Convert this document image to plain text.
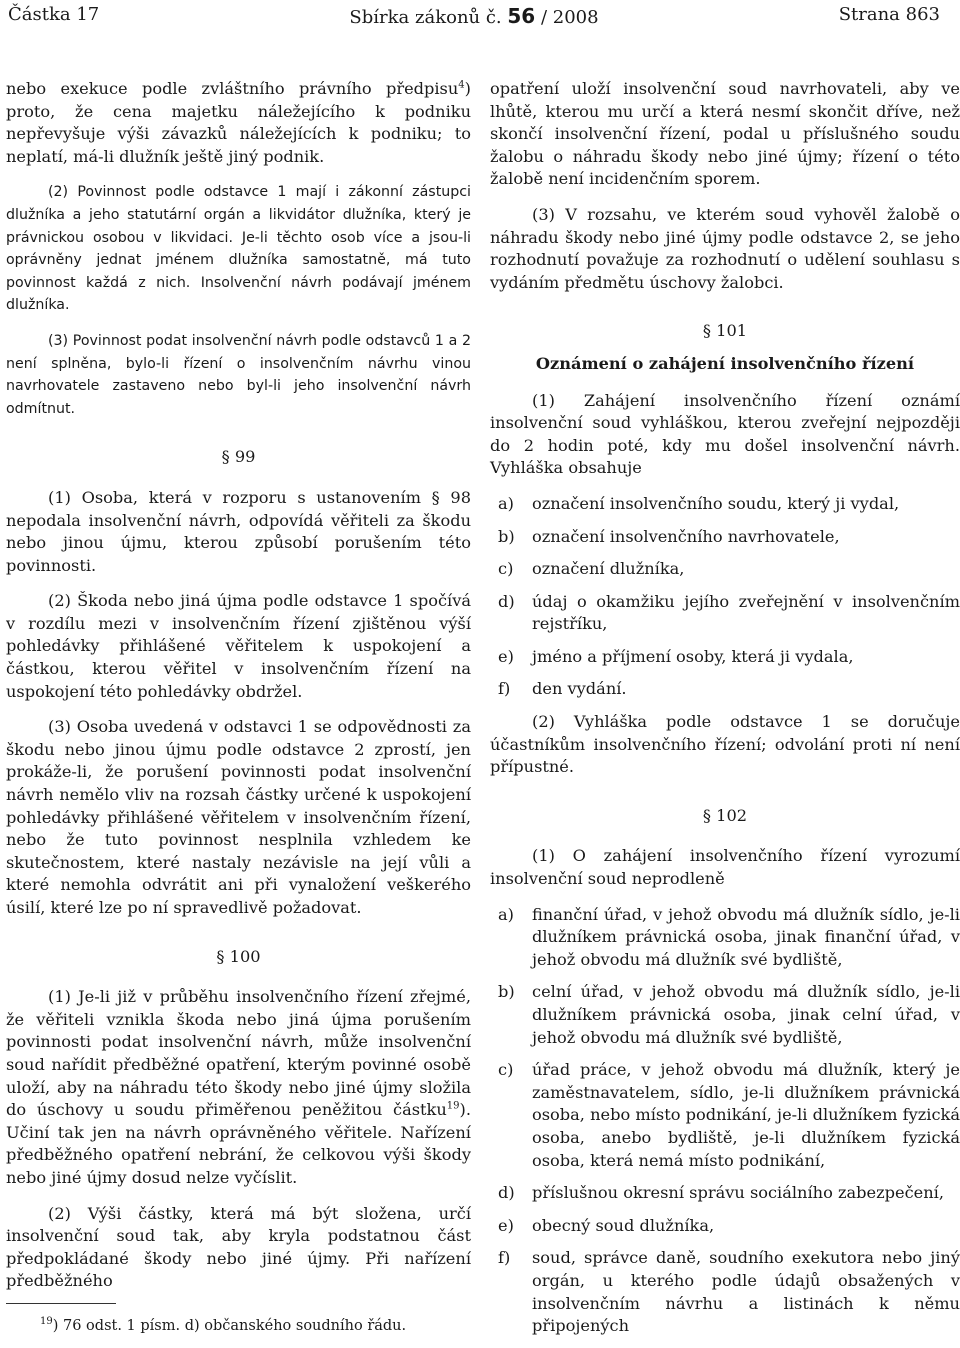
Částka 17	Sbírka zákonů č. 56 / 2008	Strana 863

nebo exekuce podle zvláštního právního předpisu$^4$) proto, že cena majetku náležejícího k podniku nepřevyšuje výši závazků náležejících k podniku; to neplatí, má-li dlužník ještě jiný podnik.

(2) Povinnost podle odstavce 1 mají i zákonní zástupci dlužníka a jeho statutární orgán a likvidátor dlužníka, který je právnickou osobou v likvidaci. Je-li těchto osob více a jsou-li oprávněny jednat jménem dlužníka samostatně, má tuto povinnost každá z nich. Insolvenční návrh podávají jménem dlužníka.

(3) Povinnost podat insolvenční návrh podle odstavců 1 a 2 není splněna, bylo-li řízení o insolvenčním návrhu vinou navrhovatele zastaveno nebo byl-li jeho insolvenční návrh odmítnut.

§ 99

(1) Osoba, která v rozporu s ustanovením § 98 nepodala insolvenční návrh, odpovídá věřiteli za škodu nebo jinou újmu, kterou způsobí porušením této povinnosti.

(2) Škoda nebo jiná újma podle odstavce 1 spočívá v rozdílu mezi v insolvenčním řízení zjištěnou výší pohledávky přihlášené věřitelem k uspokojení a částkou, kterou věřitel v insolvenčním řízení na uspokojení této pohledávky obdržel.

(3) Osoba uvedená v odstavci 1 se odpovědnosti za škodu nebo jinou újmu podle odstavce 2 zprostí, jen prokáže-li, že porušení povinnosti podat insolvenční návrh nemělo vliv na rozsah částky určené k uspokojení pohledávky přihlášené věřitelem v insolvenčním řízení, nebo že tuto povinnost nesplnila vzhledem ke skutečnostem, které nastaly nezávisle na její vůli a které nemohla odvrátit ani při vynaložení veškerého úsilí, které lze po ní spravedlivě požadovat.

§ 100

(1) Je-li již v průběhu insolvenčního řízení zřejmé, že věřiteli vznikla škoda nebo jiná újma porušením povinnosti podat insolvenční návrh, může insolvenční soud nařídit předběžné opatření, kterým povinné osobě uloží, aby na náhradu této škody nebo jiné újmy složila do úschovy u soudu přiměřenou peněžitou částku$^{19}$). Učiní tak jen na návrh oprávněného věřitele. Nařízení předběžného opatření nebrání, že celkovou výši škody nebo jiné újmy dosud nelze vyčíslit.

(2) Výši částky, která má být složena, určí insolvenční soud tak, aby kryla podstatnou část předpokládané škody nebo jiné újmy. Při nařízení předběžného

opatření uloží insolvenční soud navrhovateli, aby ve lhůtě, kterou mu určí a která nesmí skončit dříve, než skončí insolvenční řízení, podal u příslušného soudu žalobu o náhradu škody nebo jiné újmy; řízení o této žalobě není incidenčním sporem.

(3) V rozsahu, ve kterém soud vyhověl žalobě o náhradu škody nebo jiné újmy podle odstavce 2, se jeho rozhodnutí považuje za rozhodnutí o udělení souhlasu s vydáním předmětu úschovy žalobci.

§ 101
Oznámení o zahájení insolvenčního řízení

(1) Zahájení insolvenčního řízení oznámí insolvenční soud vyhláškou, kterou zveřejní nejpozději do 2 hodin poté, kdy mu došel insolvenční návrh. Vyhláška obsahuje

a) označení insolvenčního soudu, který ji vydal,
b) označení insolvenčního navrhovatele,
c) označení dlužníka,
d) údaj o okamžiku jejího zveřejnění v insolvenčním rejstříku,
e) jméno a příjmení osoby, která ji vydala,
f) den vydání.

(2) Vyhláška podle odstavce 1 se doručuje účastníkům insolvenčního řízení; odvolání proti ní není přípustné.

§ 102

(1) O zahájení insolvenčního řízení vyrozumí insolvenční soud neprodleně

a) finanční úřad, v jehož obvodu má dlužník sídlo, je-li dlužníkem právnická osoba, jinak finanční úřad, v jehož obvodu má dlužník své bydliště,
b) celní úřad, v jehož obvodu má dlužník sídlo, je-li dlužníkem právnická osoba, jinak celní úřad, v jehož obvodu má dlužník své bydliště,
c) úřad práce, v jehož obvodu má dlužník, který je zaměstnavatelem, sídlo, je-li dlužníkem právnická osoba, nebo místo podnikání, je-li dlužníkem fyzická osoba, anebo bydliště, je-li dlužníkem fyzická osoba, která nemá místo podnikání,
d) příslušnou okresní správu sociálního zabezpečení,
e) obecný soud dlužníka,
f) soud, správce daně, soudního exekutora nebo jiný orgán, u kterého podle údajů obsažených v insolvenčním návrhu a listinách k němu připojených
$^{19}$) 76 odst. 1 písm. d) občanského soudního řádu.
